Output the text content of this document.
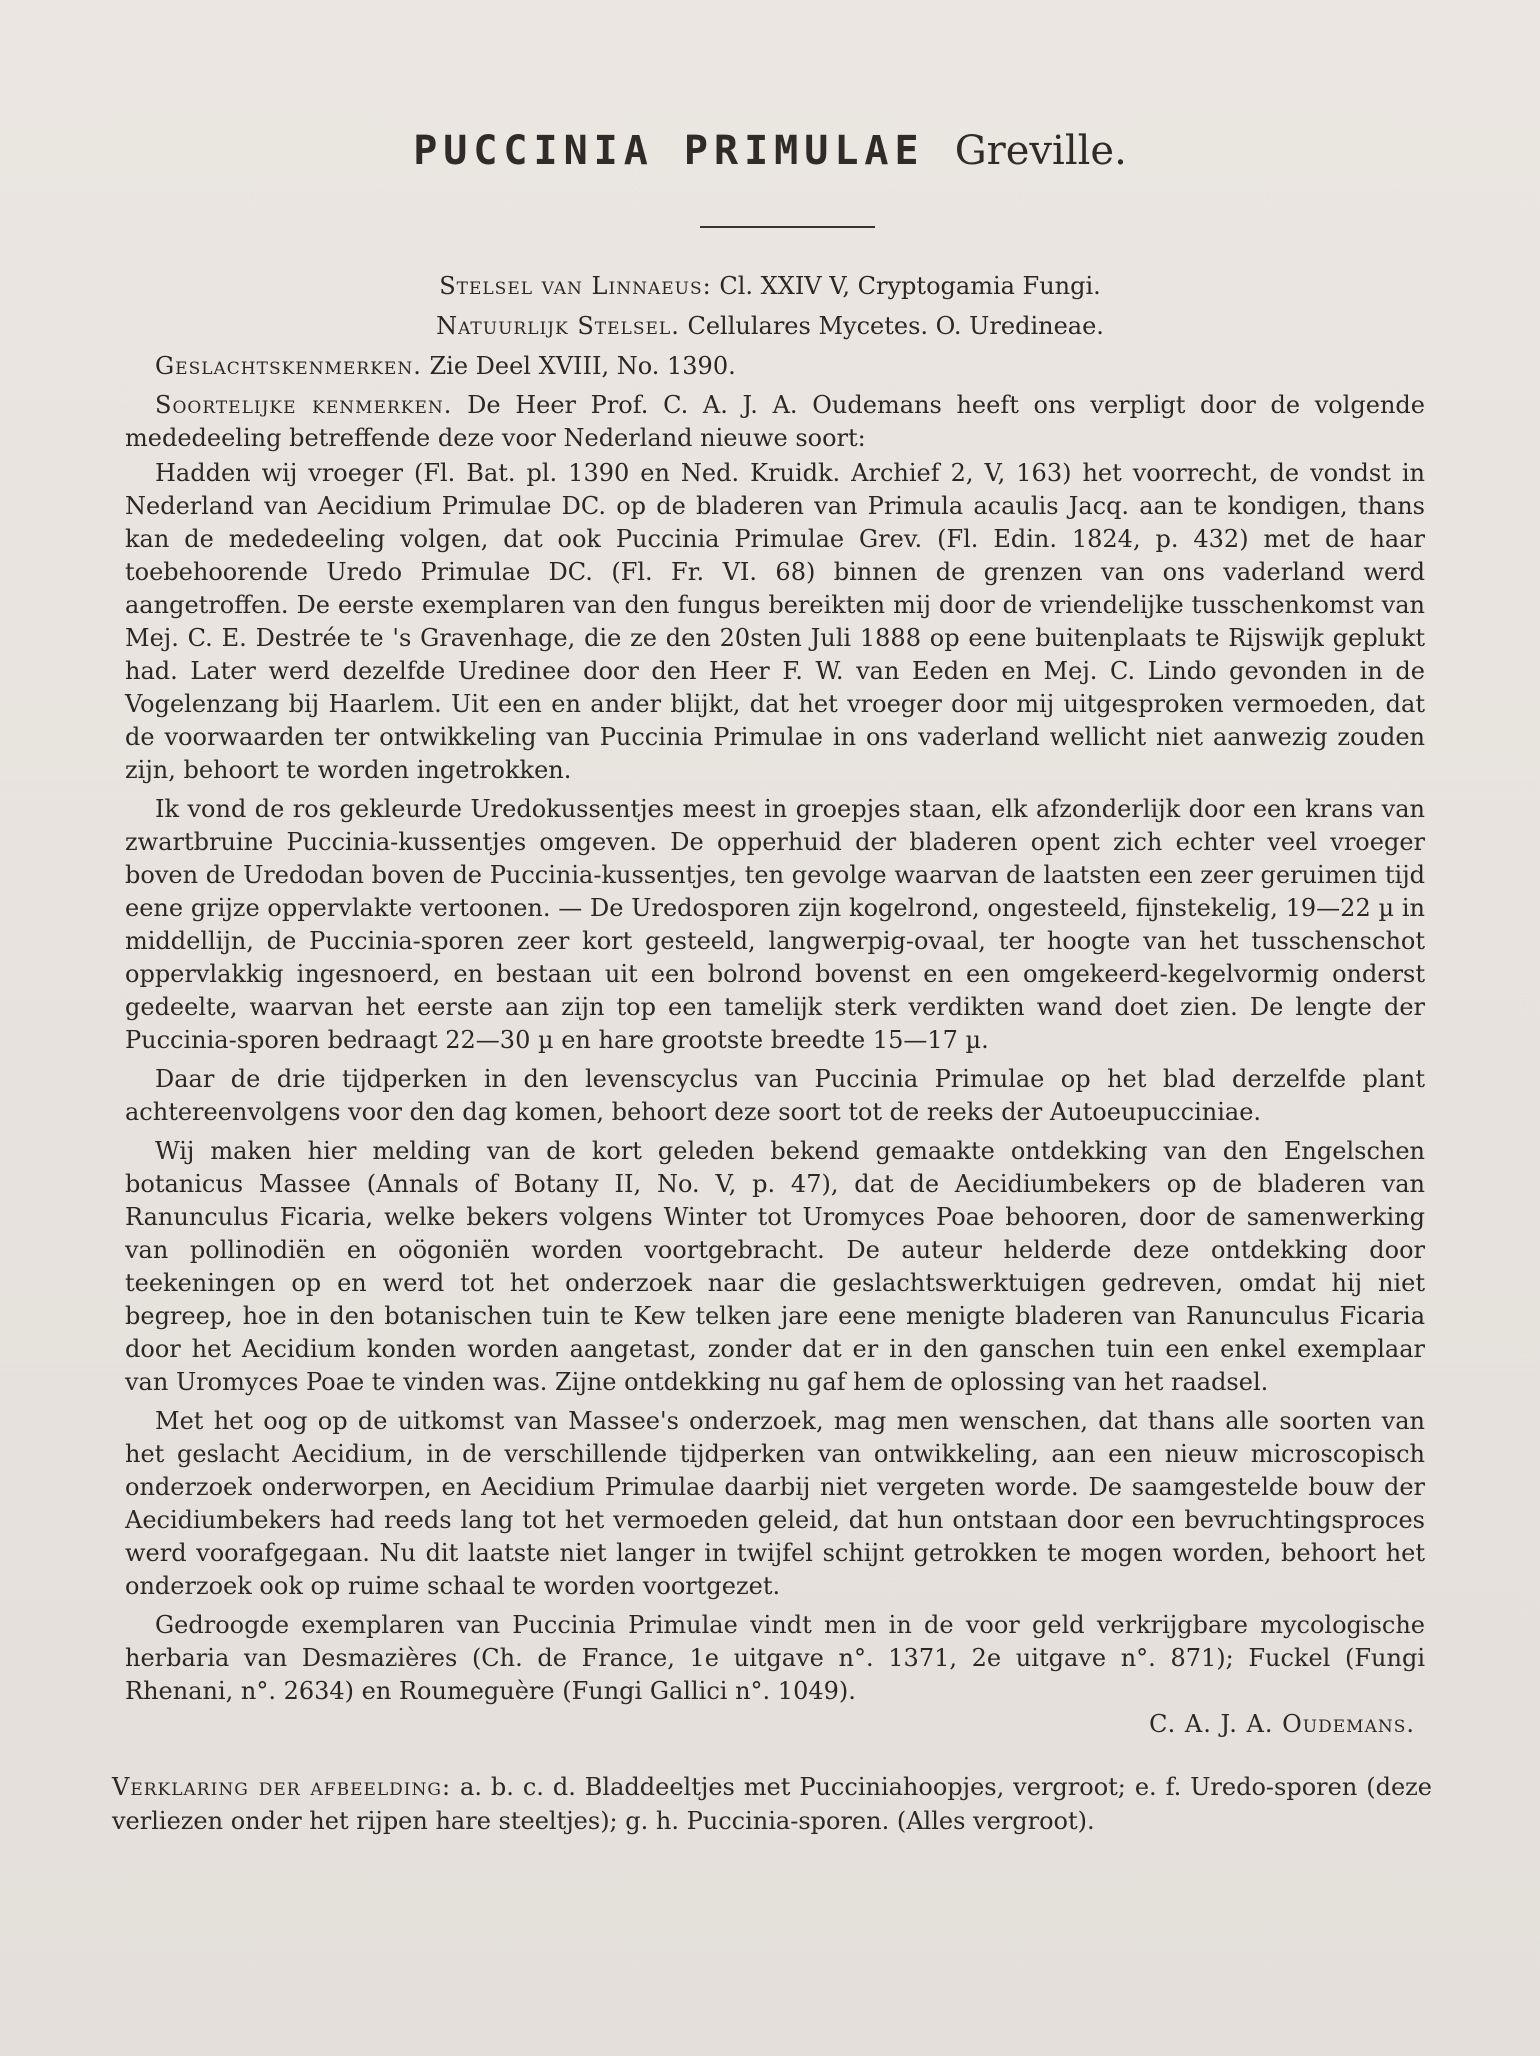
PUCCINIA PRIMULAE Greville.
Stelsel van Linnaeus: Cl. XXIV V, Cryptogamia Fungi.
Natuurlijk Stelsel. Cellulares Mycetes. O. Uredineae.

Geslachtskenmerken. Zie Deel XVIII, No. 1390.

Soortelijke kenmerken. De Heer Prof. C. A. J. A. Oudemans heeft ons verpligt door de volgende mededeeling betreffende deze voor Nederland nieuwe soort:

Hadden wij vroeger (Fl. Bat. pl. 1390 en Ned. Kruidk. Archief 2, V, 163) het voorrecht, de vondst in Nederland van Aecidium Primulae DC. op de bladeren van Primula acaulis Jacq. aan te kondigen, thans kan de mededeeling volgen, dat ook Puccinia Primulae Grev. (Fl. Edin. 1824, p. 432) met de haar toebehoorende Uredo Primulae DC. (Fl. Fr. VI. 68) binnen de grenzen van ons vaderland werd aangetroffen. De eerste exemplaren van den fungus bereikten mij door de vriendelijke tusschenkomst van Mej. C. E. Destrée te 's Gravenhage, die ze den 20sten Juli 1888 op eene buitenplaats te Rijswijk geplukt had. Later werd dezelfde Uredinee door den Heer F. W. van Eeden en Mej. C. Lindo gevonden in de Vogelenzang bij Haarlem. Uit een en ander blijkt, dat het vroeger door mij uitgesproken vermoeden, dat de voorwaarden ter ontwikkeling van Puccinia Primulae in ons vaderland wellicht niet aanwezig zouden zijn, behoort te worden ingetrokken.

Ik vond de ros gekleurde Uredokussentjes meest in groepjes staan, elk afzonderlijk door een krans van zwartbruine Puccinia-kussentjes omgeven. De opperhuid der bladeren opent zich echter veel vroeger boven de Uredodan boven de Puccinia-kussentjes, ten gevolge waarvan de laatsten een zeer geruimen tijd eene grijze oppervlakte vertoonen. — De Uredosporen zijn kogelrond, ongesteeld, fijnstekelig, 19—22 µ in middellijn, de Puccinia-sporen zeer kort gesteeld, langwerpig-ovaal, ter hoogte van het tusschenschot oppervlakkig ingesnoerd, en bestaan uit een bolrond bovenst en een omgekeerd-kegelvormig onderst gedeelte, waarvan het eerste aan zijn top een tamelijk sterk verdikten wand doet zien. De lengte der Puccinia-sporen bedraagt 22—30 µ en hare grootste breedte 15—17 µ.

Daar de drie tijdperken in den levenscyclus van Puccinia Primulae op het blad derzelfde plant achtereenvolgens voor den dag komen, behoort deze soort tot de reeks der Autoeupucciniae.

Wij maken hier melding van de kort geleden bekend gemaakte ontdekking van den Engelschen botanicus Massee (Annals of Botany II, No. V, p. 47), dat de Aecidiumbekers op de bladeren van Ranunculus Ficaria, welke bekers volgens Winter tot Uromyces Poae behooren, door de samenwerking van pollinodiën en oögoniën worden voortgebracht. De auteur helderde deze ontdekking door teekeningen op en werd tot het onderzoek naar die geslachtswerktuigen gedreven, omdat hij niet begreep, hoe in den botanischen tuin te Kew telken jare eene menigte bladeren van Ranunculus Ficaria door het Aecidium konden worden aangetast, zonder dat er in den ganschen tuin een enkel exemplaar van Uromyces Poae te vinden was. Zijne ontdekking nu gaf hem de oplossing van het raadsel.

Met het oog op de uitkomst van Massee's onderzoek, mag men wenschen, dat thans alle soorten van het geslacht Aecidium, in de verschillende tijdperken van ontwikkeling, aan een nieuw microscopisch onderzoek onderworpen, en Aecidium Primulae daarbij niet vergeten worde. De saamgestelde bouw der Aecidiumbekers had reeds lang tot het vermoeden geleid, dat hun ontstaan door een bevruchtingsproces werd voorafgegaan. Nu dit laatste niet langer in twijfel schijnt getrokken te mogen worden, behoort het onderzoek ook op ruime schaal te worden voortgezet.

Gedroogde exemplaren van Puccinia Primulae vindt men in de voor geld verkrijgbare mycologische herbaria van Desmazières (Ch. de France, 1e uitgave n°. 1371, 2e uitgave n°. 871); Fuckel (Fungi Rhenani, n°. 2634) en Roumeguère (Fungi Gallici n°. 1049).

C. A. J. A. Oudemans.
Verklaring der afbeelding: a. b. c. d. Bladdeeltjes met Pucciniahoopjes, vergroot; e. f. Uredo-sporen (deze verliezen onder het rijpen hare steeltjes); g. h. Puccinia-sporen. (Alles vergroot).
